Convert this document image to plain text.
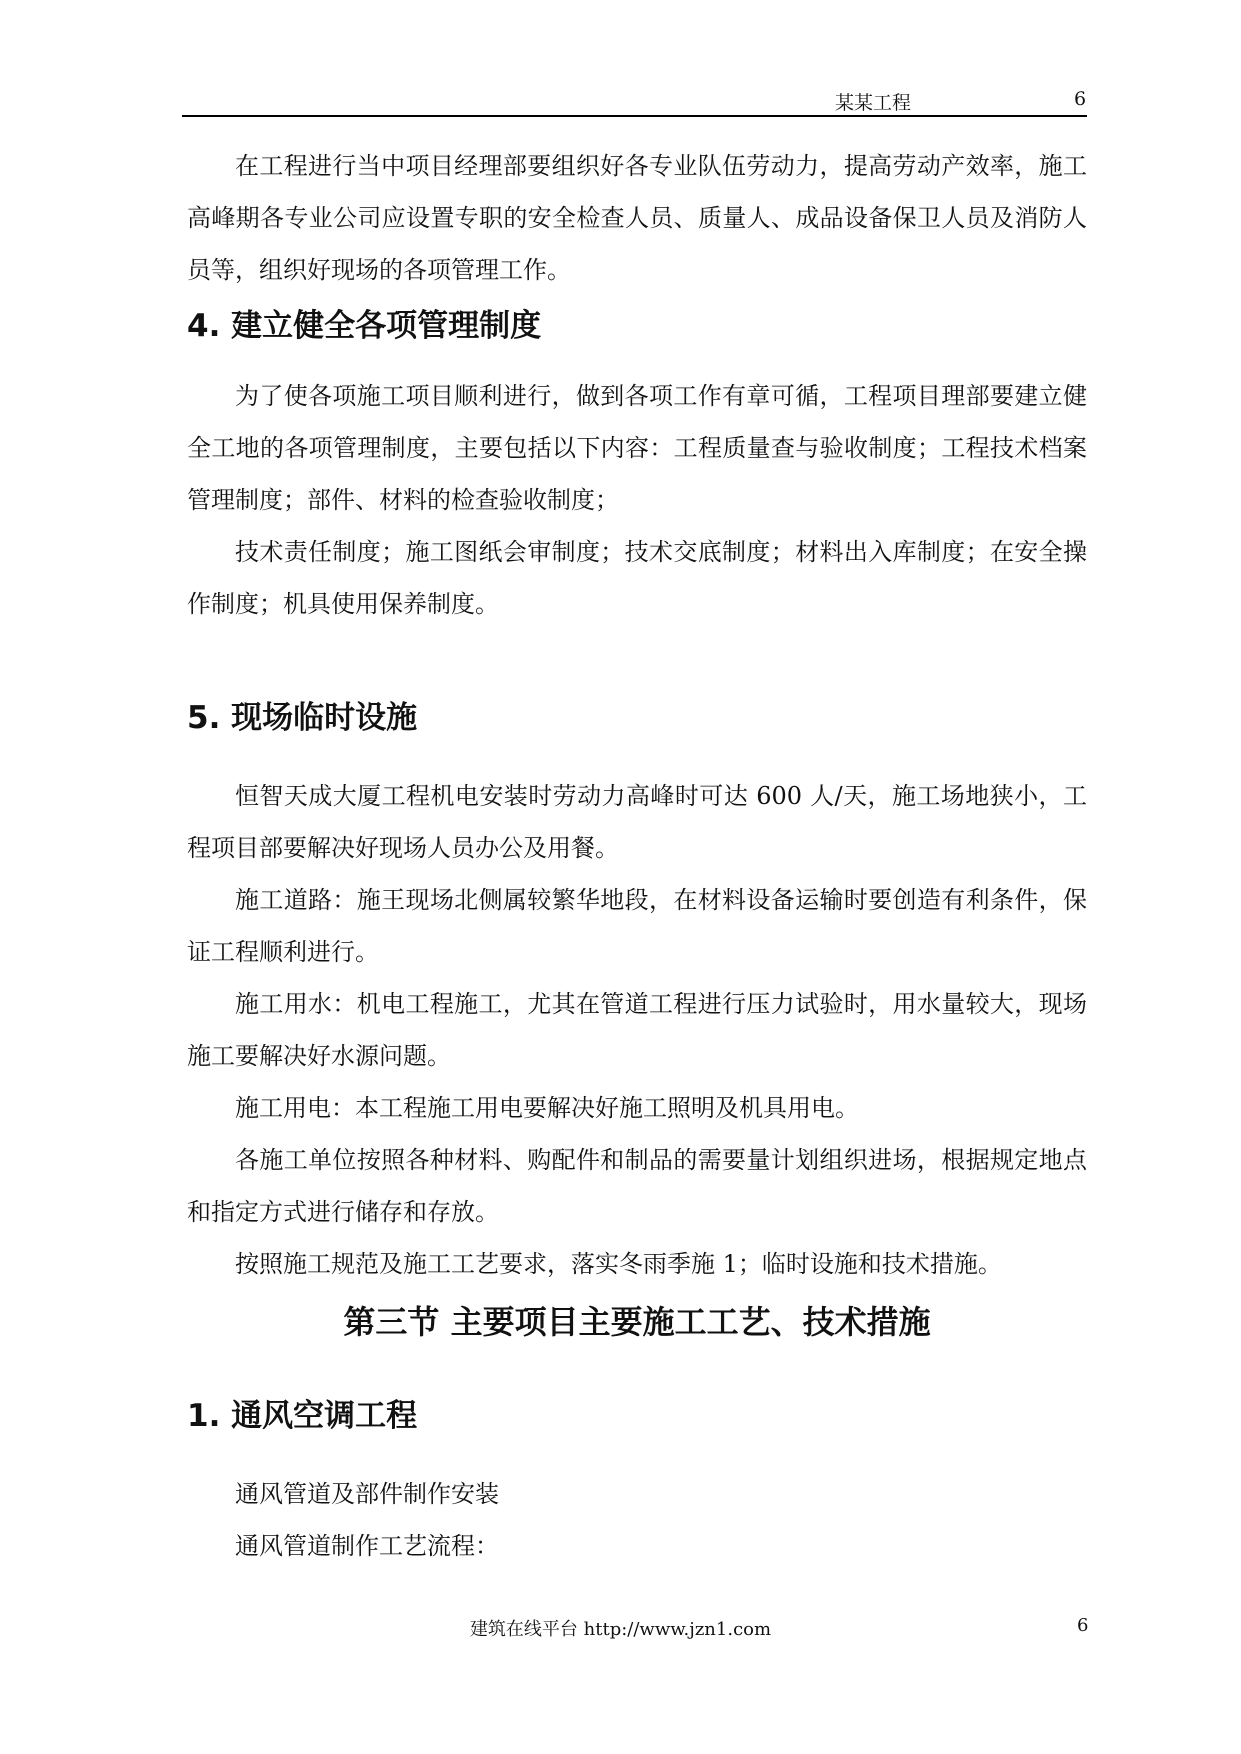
某某工程	6

在工程进行当中项目经理部要组织好各专业队伍劳动力，提高劳动产效率，施工高峰期各专业公司应设置专职的安全检查人员、质量人、成品设备保卫人员及消防人员等，组织好现场的各项管理工作。

4. 建立健全各项管理制度

为了使各项施工项目顺利进行，做到各项工作有章可循，工程项目理部要建立健全工地的各项管理制度，主要包括以下内容：工程质量查与验收制度；工程技术档案管理制度；部件、材料的检查验收制度；

技术责任制度；施工图纸会审制度；技术交底制度；材料出入库制度；在安全操作制度；机具使用保养制度。

5. 现场临时设施

恒智天成大厦工程机电安装时劳动力高峰时可达 600 人/天，施工场地狭小，工程项目部要解决好现场人员办公及用餐。

施工道路：施王现场北侧属较繁华地段，在材料设备运输时要创造有利条件，保证工程顺利进行。

施工用水：机电工程施工，尤其在管道工程进行压力试验时，用水量较大，现场施工要解决好水源问题。

施工用电：本工程施工用电要解决好施工照明及机具用电。

各施工单位按照各种材料、购配件和制品的需要量计划组织进场，根据规定地点和指定方式进行储存和存放。

按照施工规范及施工工艺要求，落实冬雨季施 1；临时设施和技术措施。

第三节 主要项目主要施工工艺、技术措施
1. 通风空调工程

通风管道及部件制作安装

通风管道制作工艺流程：

建筑在线平台 http://www.jzn1.com	6
